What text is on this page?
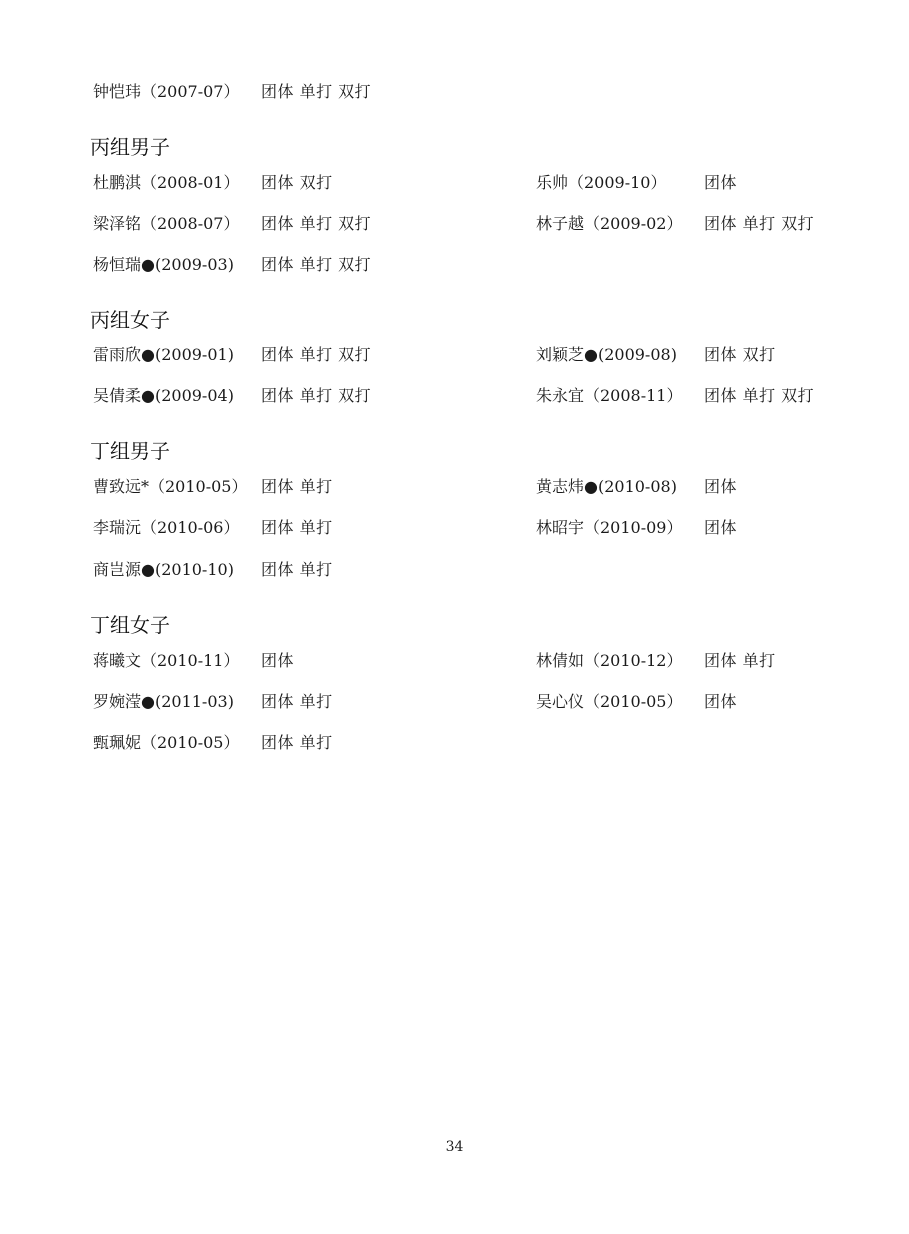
钟恺玮（2007-07） 团体 单打 双打
丙组男子
杜鹏淇（2008-01） 团体 双打
梁泽铭（2008-07） 团体 单打 双打
杨恒瑞●(2009-03) 团体 单打 双打
乐帅（2009-10） 团体
林子越（2009-02） 团体 单打 双打
丙组女子
雷雨欣●(2009-01) 团体 单打 双打
吴倩柔●(2009-04) 团体 单打 双打
刘颖芝●(2009-08) 团体 双打
朱永宜（2008-11） 团体 单打 双打
丁组男子
曹致远*（2010-05） 团体 单打
李瑞沅（2010-06） 团体 单打
商岂源●(2010-10) 团体 单打
黄志炜●(2010-08) 团体
林昭宇（2010-09） 团体
丁组女子
蒋曦文（2010-11） 团体
罗婉滢●(2011-03) 团体 单打
甄珮妮（2010-05） 团体 单打
林倩如（2010-12） 团体 单打
吴心仪（2010-05） 团体
34
